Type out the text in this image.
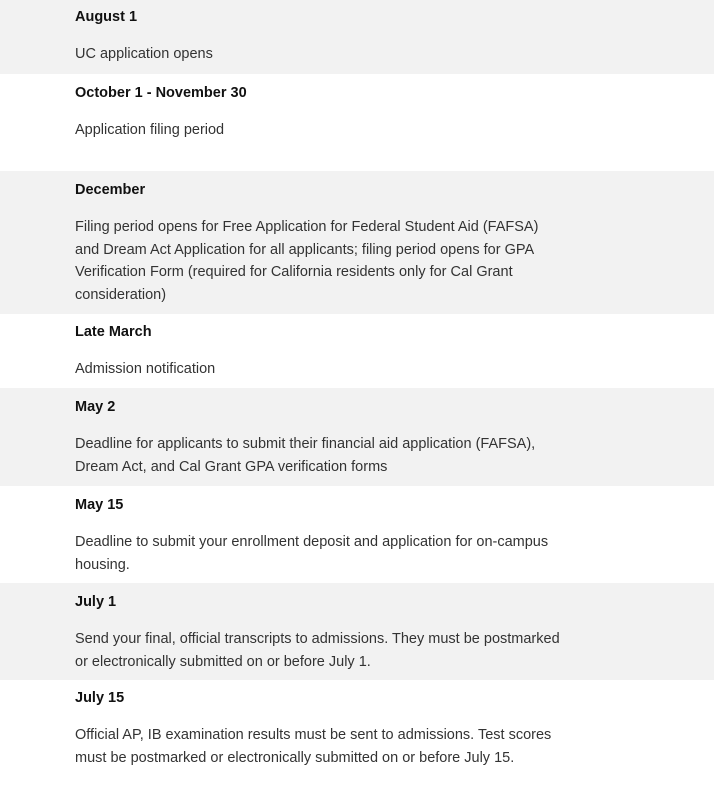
August 1
UC application opens
October 1 - November 30
Application filing period
December
Filing period opens for Free Application for Federal Student Aid (FAFSA) and Dream Act Application for all applicants; filing period opens for GPA Verification Form (required for California residents only for Cal Grant consideration)
Late March
Admission notification
May 2
Deadline for applicants to submit their financial aid application (FAFSA), Dream Act, and Cal Grant GPA verification forms
May 15
Deadline to submit your enrollment deposit and application for on-campus housing.
July 1
Send your final, official transcripts to admissions. They must be postmarked or electronically submitted on or before July 1.
July 15
Official AP, IB examination results must be sent to admissions. Test scores must be postmarked or electronically submitted on or before July 15.
